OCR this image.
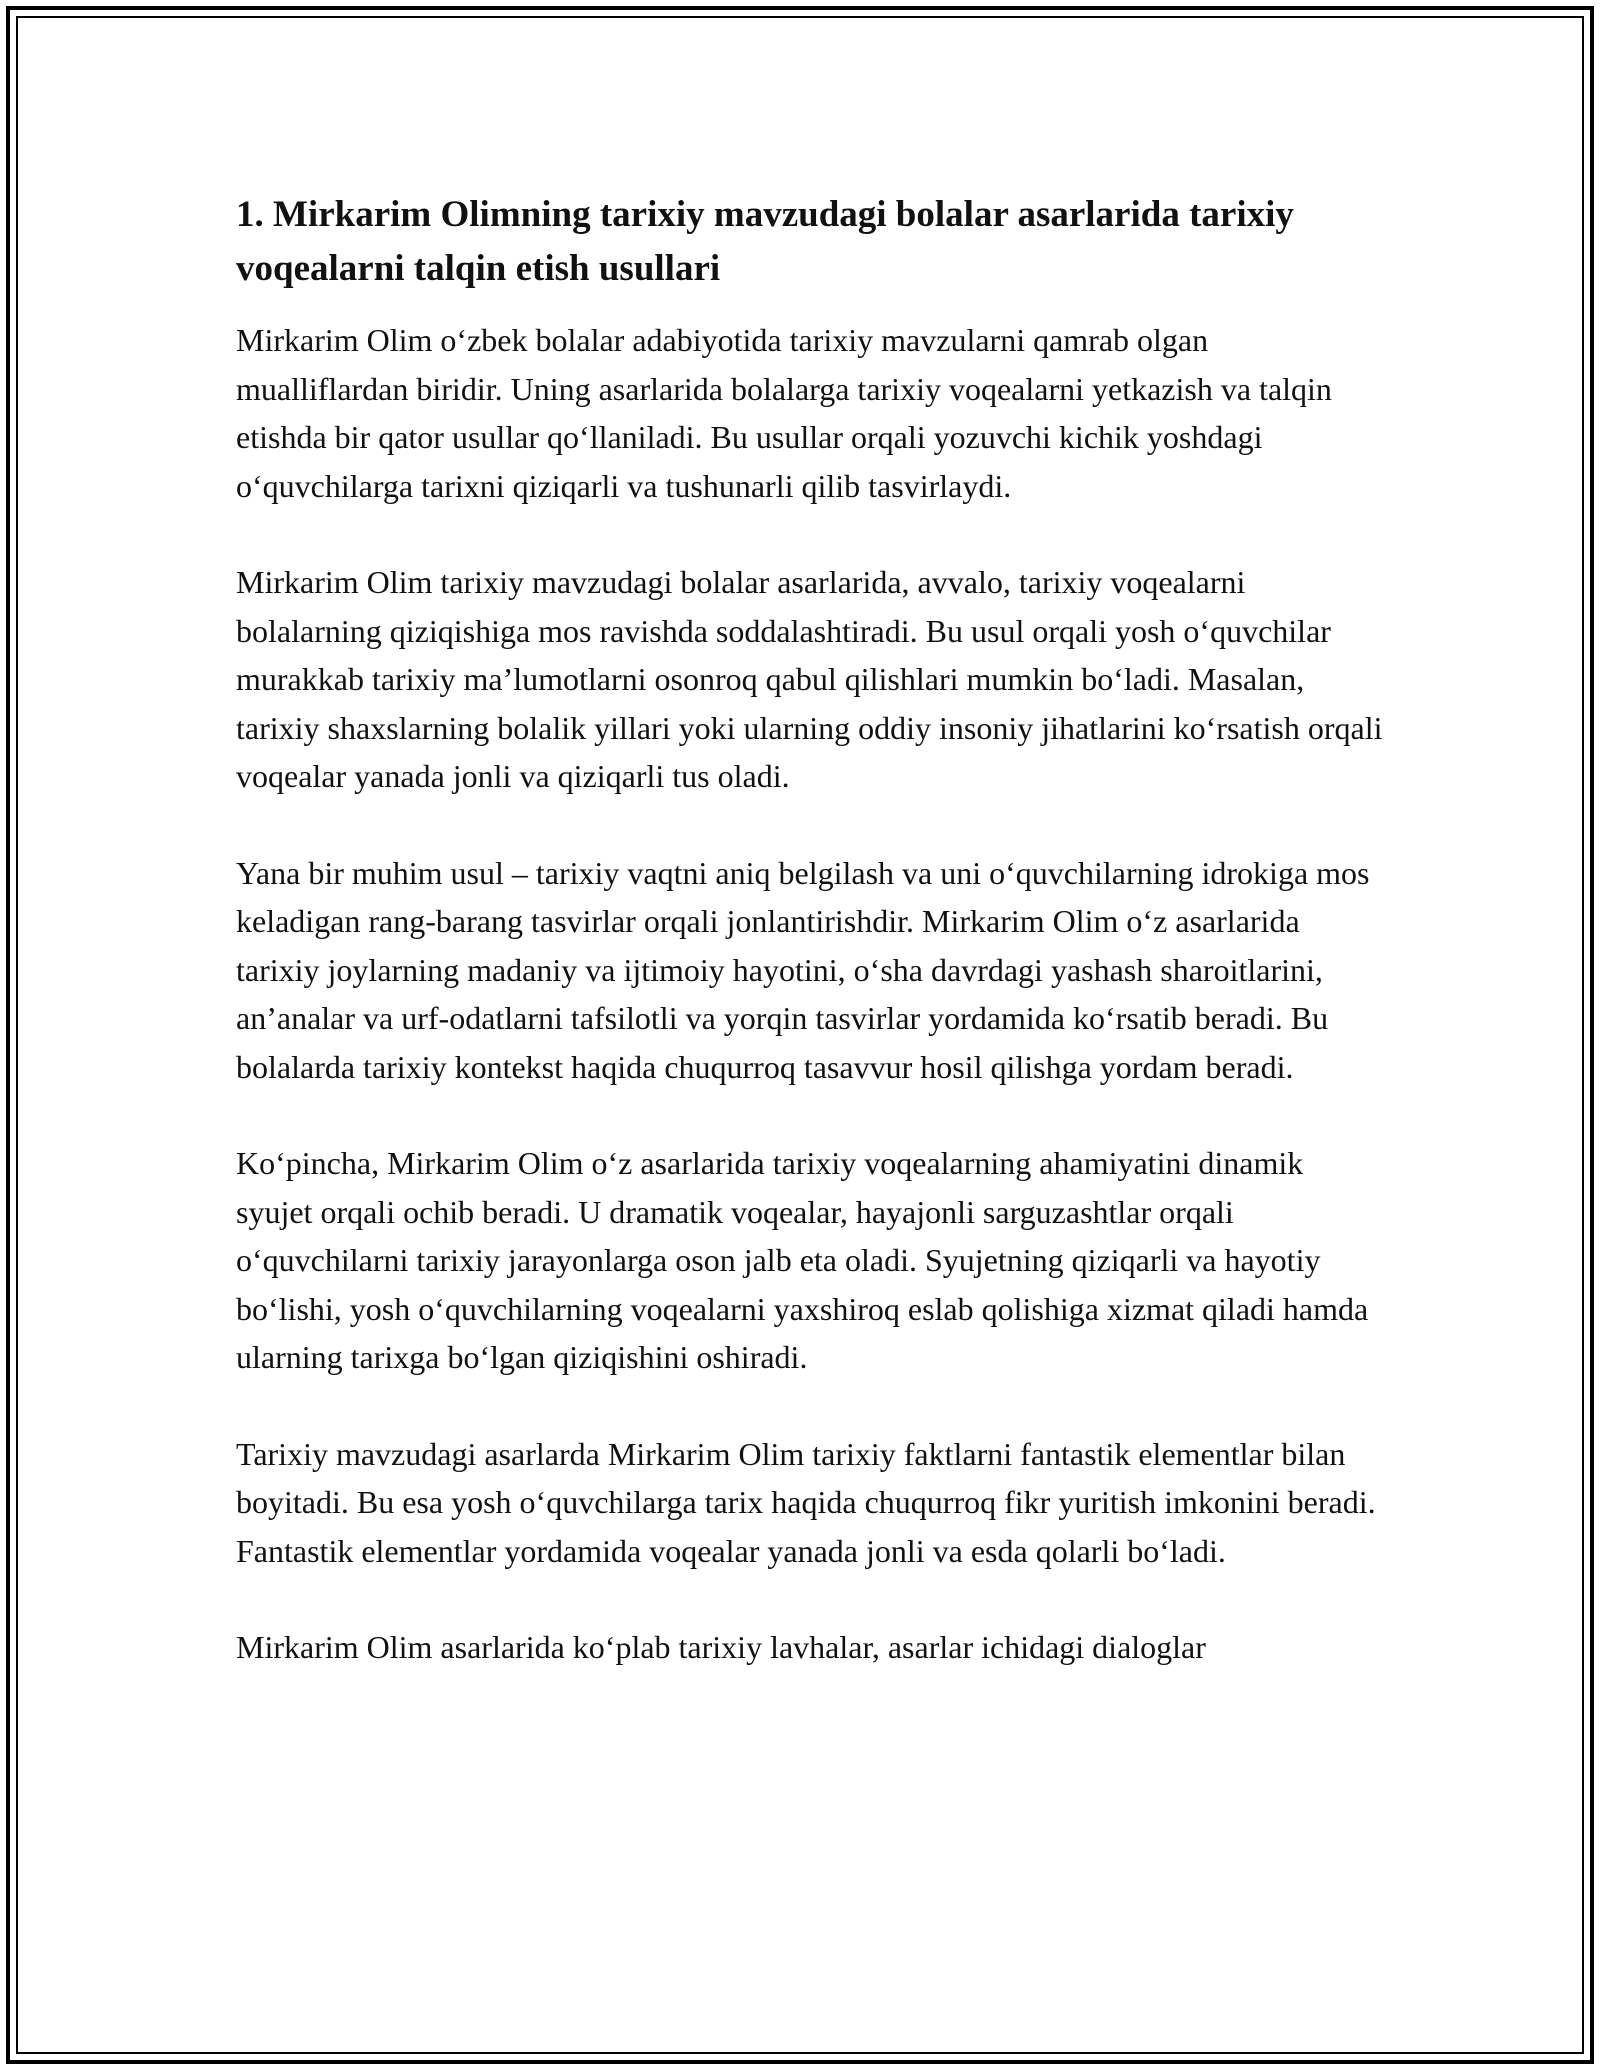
1. Mirkarim Olimning tarixiy mavzudagi bolalar asarlarida tarixiy voqealarni talqin etish usullari

Mirkarim Olim o‘zbek bolalar adabiyotida tarixiy mavzularni qamrab olgan mualliflardan biridir. Uning asarlarida bolalarga tarixiy voqealarni yetkazish va talqin etishda bir qator usullar qo‘llaniladi. Bu usullar orqali yozuvchi kichik yoshdagi o‘quvchilarga tarixni qiziqarli va tushunarli qilib tasvirlaydi.

Mirkarim Olim tarixiy mavzudagi bolalar asarlarida, avvalo, tarixiy voqealarni bolalarning qiziqishiga mos ravishda soddalashtiradi. Bu usul orqali yosh o‘quvchilar murakkab tarixiy ma’lumotlarni osonroq qabul qilishlari mumkin bo‘ladi. Masalan, tarixiy shaxslarning bolalik yillari yoki ularning oddiy insoniy jihatlarini ko‘rsatish orqali voqealar yanada jonli va qiziqarli tus oladi.

Yana bir muhim usul – tarixiy vaqtni aniq belgilash va uni o‘quvchilarning idrokiga mos keladigan rang-barang tasvirlar orqali jonlantirishdir. Mirkarim Olim o‘z asarlarida tarixiy joylarning madaniy va ijtimoiy hayotini, o‘sha davrdagi yashash sharoitlarini, an’analar va urf-odatlarni tafsilotli va yorqin tasvirlar yordamida ko‘rsatib beradi. Bu bolalarda tarixiy kontekst haqida chuqurroq tasavvur hosil qilishga yordam beradi.

Ko‘pincha, Mirkarim Olim o‘z asarlarida tarixiy voqealarning ahamiyatini dinamik syujet orqali ochib beradi. U dramatik voqealar, hayajonli sarguzashtlar orqali o‘quvchilarni tarixiy jarayonlarga oson jalb eta oladi. Syujetning qiziqarli va hayotiy bo‘lishi, yosh o‘quvchilarning voqealarni yaxshiroq eslab qolishiga xizmat qiladi hamda ularning tarixga bo‘lgan qiziqishini oshiradi.

Tarixiy mavzudagi asarlarda Mirkarim Olim tarixiy faktlarni fantastik elementlar bilan boyitadi. Bu esa yosh o‘quvchilarga tarix haqida chuqurroq fikr yuritish imkonini beradi. Fantastik elementlar yordamida voqealar yanada jonli va esda qolarli bo‘ladi.

Mirkarim Olim asarlarida ko‘plab tarixiy lavhalar, asarlar ichidagi dialoglar
